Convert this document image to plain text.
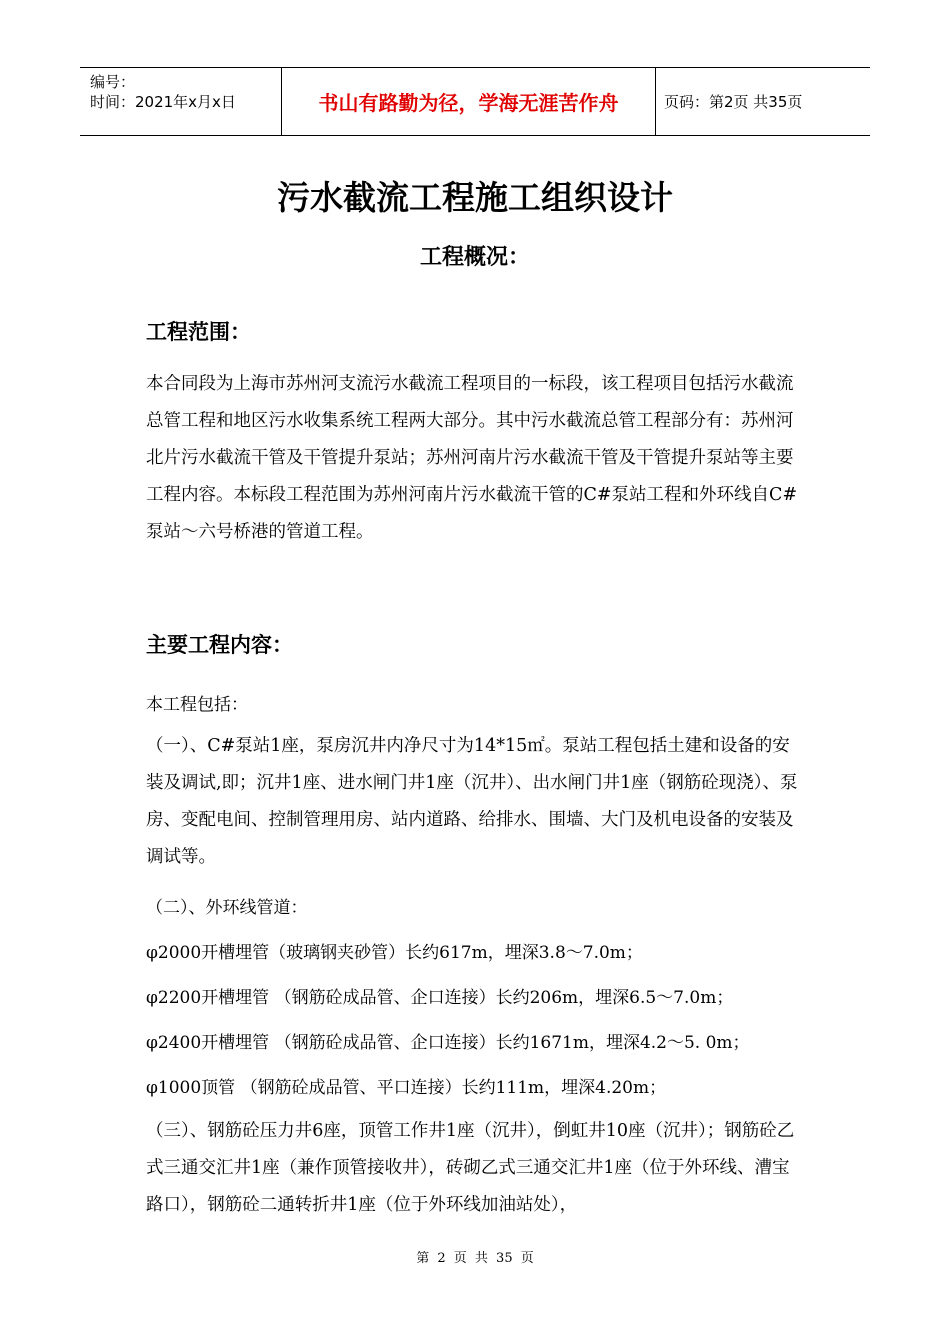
编号：
时间：2021年x月x日	书山有路勤为径，学海无涯苦作舟	页码：第2页 共35页
污水截流工程施工组织设计
工程概况：
工程范围：
本合同段为上海市苏州河支流污水截流工程项目的一标段，该工程项目包括污水截流总管工程和地区污水收集系统工程两大部分。其中污水截流总管工程部分有：苏州河北片污水截流干管及干管提升泵站；苏州河南片污水截流干管及干管提升泵站等主要工程内容。本标段工程范围为苏州河南片污水截流干管的C#泵站工程和外环线自C#泵站～六号桥港的管道工程。
主要工程内容：
本工程包括：
（一）、C#泵站1座，泵房沉井内净尺寸为14*15㎡。泵站工程包括土建和设备的安装及调试,即；沉井1座、进水闸门井1座（沉井）、出水闸门井1座（钢筋砼现浇）、泵房、变配电间、控制管理用房、站内道路、给排水、围墙、大门及机电设备的安装及调试等。
（二）、外环线管道：
φ2000开槽埋管（玻璃钢夹砂管）长约617m，埋深3.8～7.0m；
φ2200开槽埋管 （钢筋砼成品管、企口连接）长约206m，埋深6.5～7.0m；
φ2400开槽埋管 （钢筋砼成品管、企口连接）长约1671m，埋深4.2～5. 0m；
φ1000顶管 （钢筋砼成品管、平口连接）长约111m，埋深4.20m；
（三）、钢筋砼压力井6座，顶管工作井1座（沉井），倒虹井10座（沉井）；钢筋砼乙式三通交汇井1座（兼作顶管接收井），砖砌乙式三通交汇井1座（位于外环线、漕宝路口），钢筋砼二通转折井1座（位于外环线加油站处），
第 2 页 共 35 页
